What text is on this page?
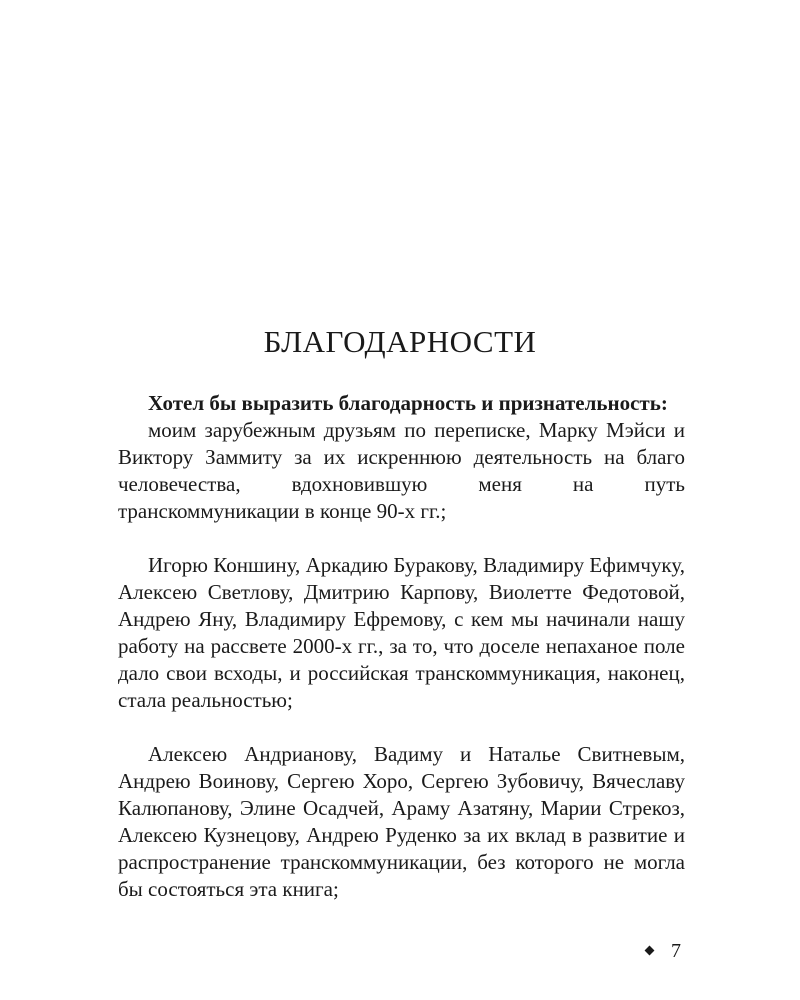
БЛАГОДАРНОСТИ

Хотел бы выразить благодарность и признательность:

моим зарубежным друзьям по переписке, Марку Мэйси и Виктору Заммиту за их искреннюю деятельность на благо человечества, вдохновившую меня на путь транскоммуникации в конце 90-х гг.;

Игорю Коншину, Аркадию Буракову, Владимиру Ефимчуку, Алексею Светлову, Дмитрию Карпову, Виолетте Федотовой, Андрею Яну, Владимиру Ефремову, с кем мы начинали нашу работу на рассвете 2000-х гг., за то, что доселе непаханое поле дало свои всходы, и российская транскоммуникация, наконец, стала реальностью;

Алексею Андрианову, Вадиму и Наталье Свитневым, Андрею Воинову, Сергею Хоро, Сергею Зубовичу, Вячеславу Калюпанову, Элине Осадчей, Араму Азатяну, Марии Стрекоз, Алексею Кузнецову, Андрею Руденко за их вклад в развитие и распространение транскоммуникации, без которого не могла бы состояться эта книга;

7
